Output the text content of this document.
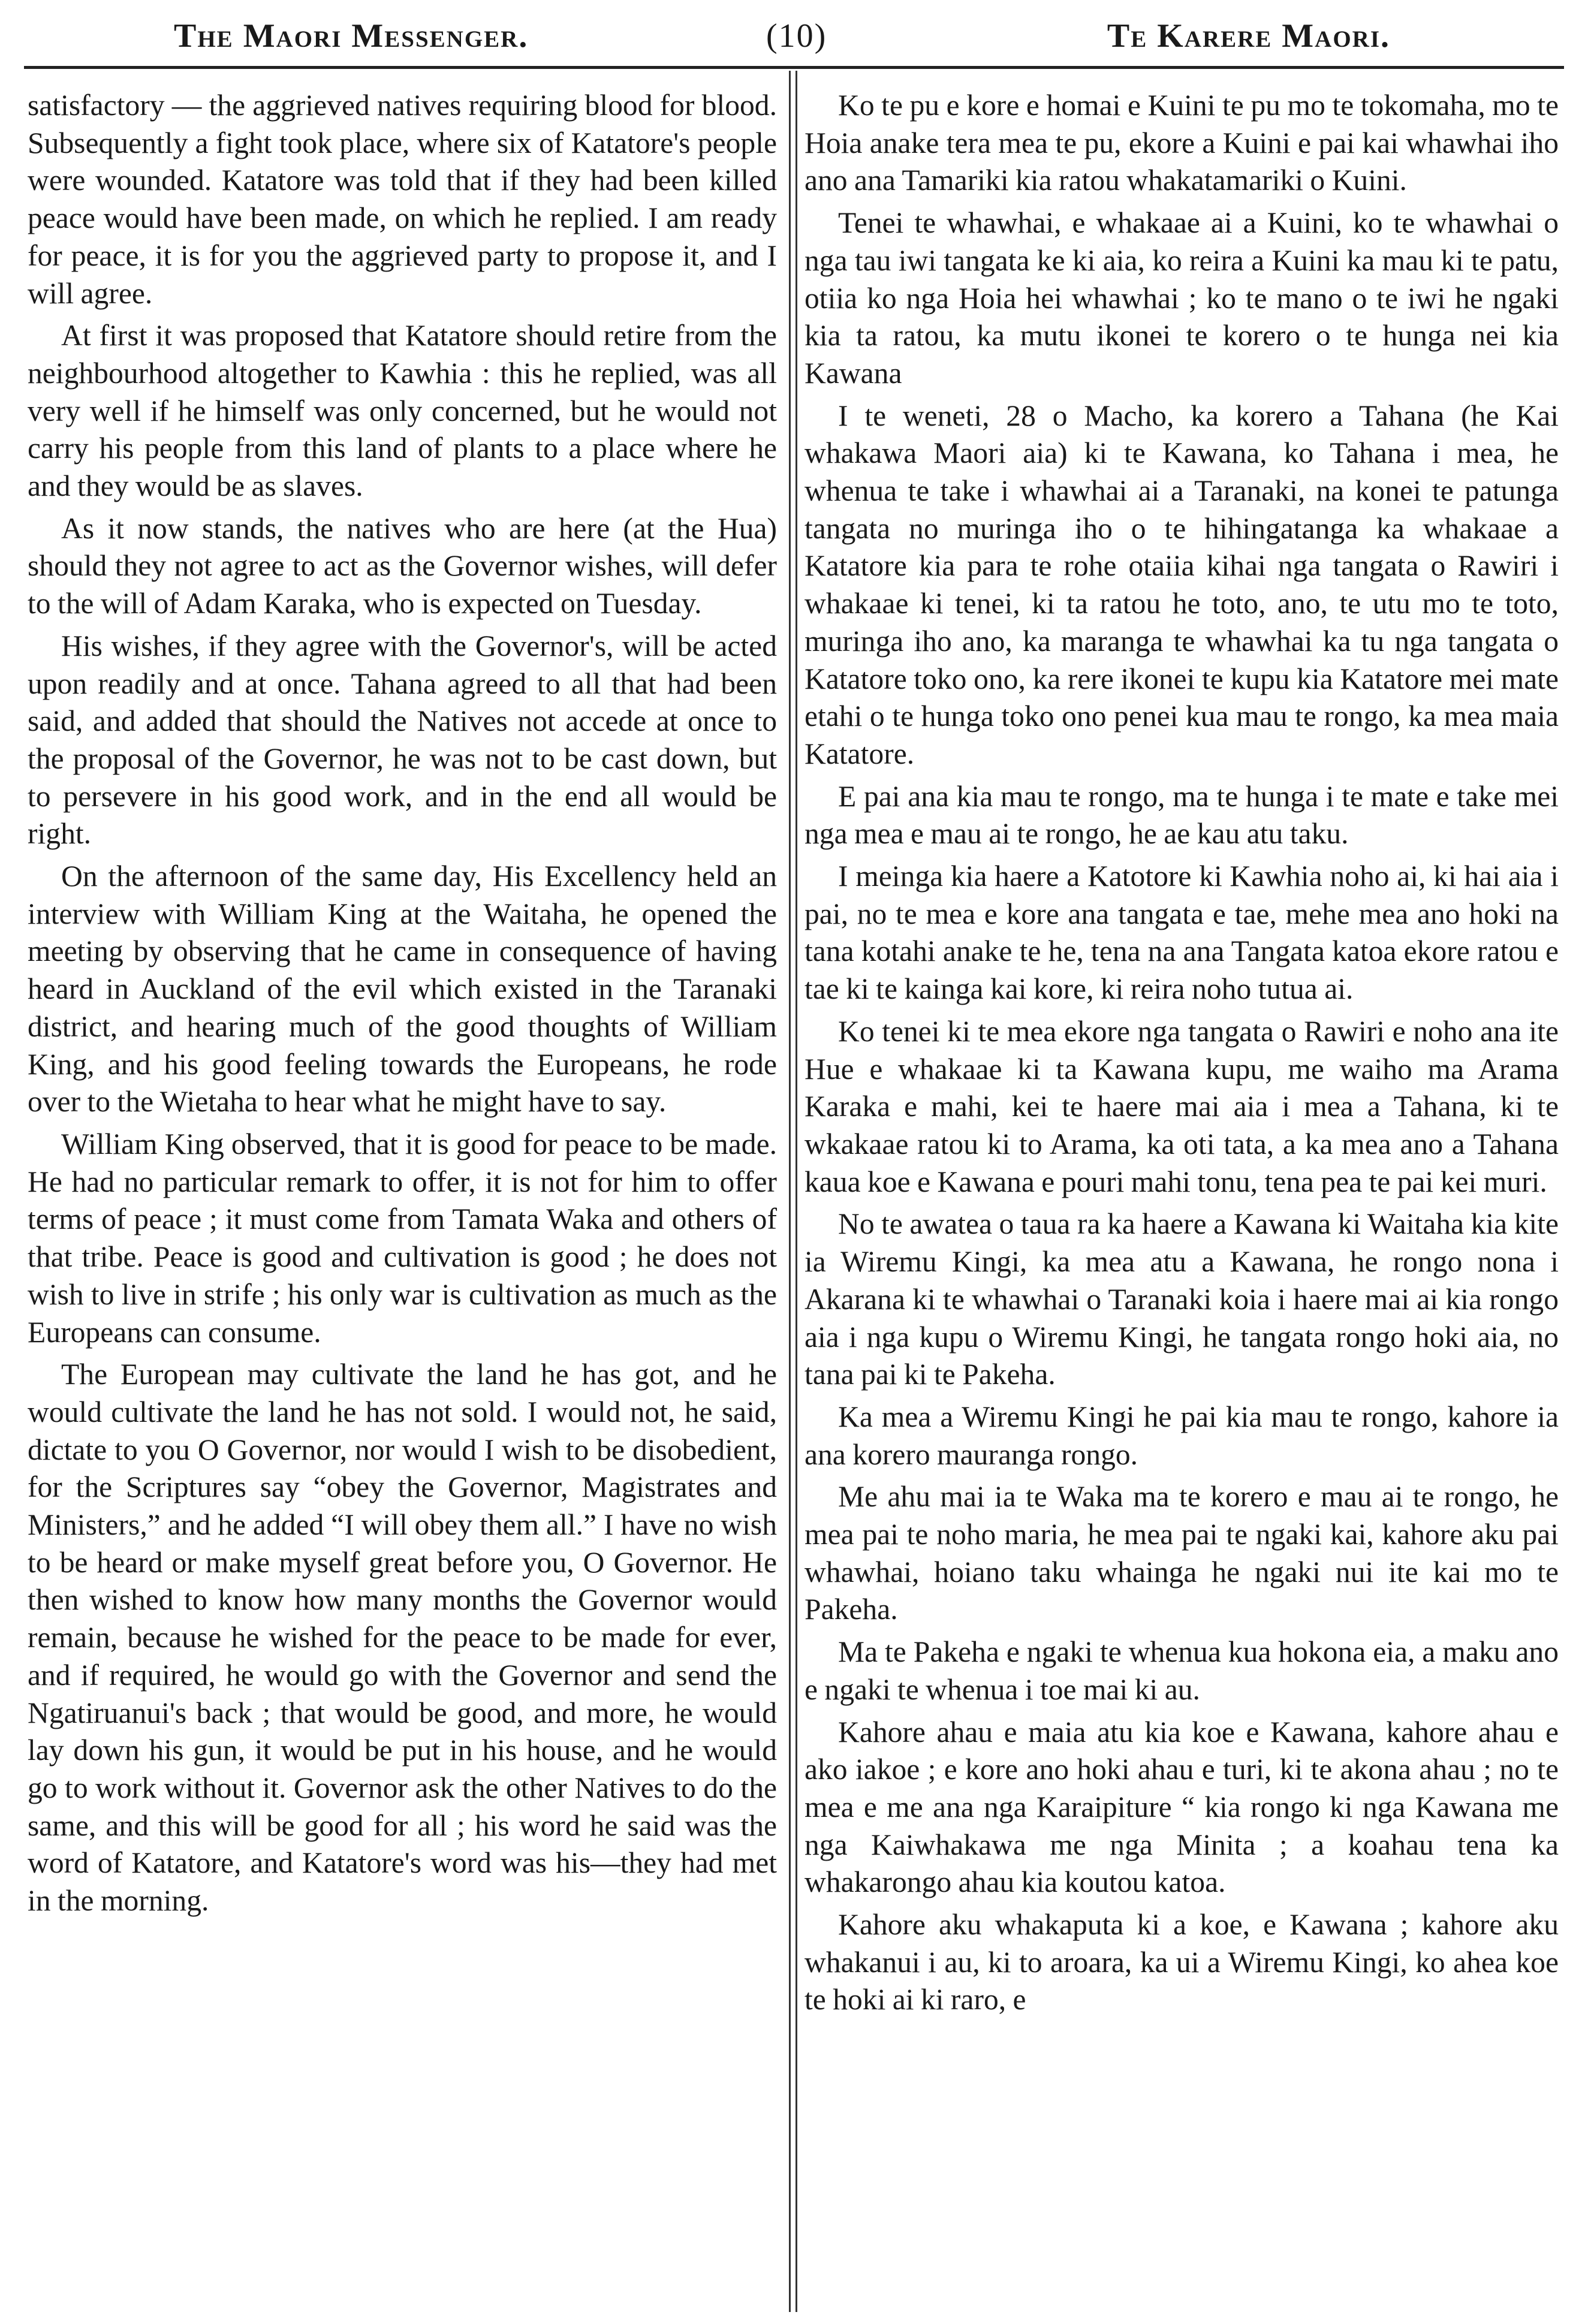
The Maori Messenger.	(10)	Te Karere Maori.

satisfactory — the aggrieved natives requiring blood for blood. Subsequently a fight took place, where six of Katatore's people were wounded. Katatore was told that if they had been killed peace would have been made, on which he replied. I am ready for peace, it is for you the aggrieved party to propose it, and I will agree.

At first it was proposed that Katatore should retire from the neighbourhood altogether to Kawhia : this he replied, was all very well if he himself was only concerned, but he would not carry his people from this land of plants to a place where he and they would be as slaves.

As it now stands, the natives who are here (at the Hua) should they not agree to act as the Governor wishes, will defer to the will of Adam Karaka, who is expected on Tuesday.

His wishes, if they agree with the Governor's, will be acted upon readily and at once. Tahana agreed to all that had been said, and added that should the Natives not accede at once to the proposal of the Governor, he was not to be cast down, but to persevere in his good work, and in the end all would be right.

On the afternoon of the same day, His Excellency held an interview with William King at the Waitaha, he opened the meeting by observing that he came in consequence of having heard in Auckland of the evil which existed in the Taranaki district, and hearing much of the good thoughts of William King, and his good feeling towards the Europeans, he rode over to the Wietaha to hear what he might have to say.

William King observed, that it is good for peace to be made. He had no particular remark to offer, it is not for him to offer terms of peace ; it must come from Tamata Waka and others of that tribe. Peace is good and cultivation is good ; he does not wish to live in strife ; his only war is cultivation as much as the Europeans can consume.

The European may cultivate the land he has got, and he would cultivate the land he has not sold. I would not, he said, dictate to you O Governor, nor would I wish to be disobedient, for the Scriptures say “obey the Governor, Magistrates and Ministers,” and he added “I will obey them all.” I have no wish to be heard or make myself great before you, O Governor. He then wished to know how many months the Governor would remain, because he wished for the peace to be made for ever, and if required, he would go with the Governor and send the Ngatiruanui's back ; that would be good, and more, he would lay down his gun, it would be put in his house, and he would go to work without it. Governor ask the other Natives to do the same, and this will be good for all ; his word he said was the word of Katatore, and Katatore's word was his—they had met in the morning.

Ko te pu e kore e homai e Kuini te pu mo te tokomaha, mo te Hoia anake tera mea te pu, ekore a Kuini e pai kai whawhai iho ano ana Tamariki kia ratou whakatamariki o Kuini.

Tenei te whawhai, e whakaae ai a Kuini, ko te whawhai o nga tau iwi tangata ke ki aia, ko reira a Kuini ka mau ki te patu, otiia ko nga Hoia hei whawhai ; ko te mano o te iwi he ngaki kia ta ratou, ka mutu ikonei te korero o te hunga nei kia Kawana

I te weneti, 28 o Macho, ka korero a Tahana (he Kai whakawa Maori aia) ki te Kawana, ko Tahana i mea, he whenua te take i whawhai ai a Taranaki, na konei te patunga tangata no muringa iho o te hihingatanga ka whakaae a Katatore kia para te rohe otaiia kihai nga tangata o Rawiri i whakaae ki tenei, ki ta ratou he toto, ano, te utu mo te toto, muringa iho ano, ka maranga te whawhai ka tu nga tangata o Katatore toko ono, ka rere ikonei te kupu kia Katatore mei mate etahi o te hunga toko ono penei kua mau te rongo, ka mea maia Katatore.

E pai ana kia mau te rongo, ma te hunga i te mate e take mei nga mea e mau ai te rongo, he ae kau atu taku.

I meinga kia haere a Katotore ki Kawhia noho ai, ki hai aia i pai, no te mea e kore ana tangata e tae, mehe mea ano hoki na tana kotahi anake te he, tena na ana Tangata katoa ekore ratou e tae ki te kainga kai kore, ki reira noho tutua ai.

Ko tenei ki te mea ekore nga tangata o Rawiri e noho ana ite Hue e whakaae ki ta Kawana kupu, me waiho ma Arama Karaka e mahi, kei te haere mai aia i mea a Tahana, ki te wkakaae ratou ki to Arama, ka oti tata, a ka mea ano a Tahana kaua koe e Kawana e pouri mahi tonu, tena pea te pai kei muri.

No te awatea o taua ra ka haere a Kawana ki Waitaha kia kite ia Wiremu Kingi, ka mea atu a Kawana, he rongo nona i Akarana ki te whawhai o Taranaki koia i haere mai ai kia rongo aia i nga kupu o Wiremu Kingi, he tangata rongo hoki aia, no tana pai ki te Pakeha.

Ka mea a Wiremu Kingi he pai kia mau te rongo, kahore ia ana korero mauranga rongo.

Me ahu mai ia te Waka ma te korero e mau ai te rongo, he mea pai te noho maria, he mea pai te ngaki kai, kahore aku pai whawhai, hoiano taku whainga he ngaki nui ite kai mo te Pakeha.

Ma te Pakeha e ngaki te whenua kua hokona eia, a maku ano e ngaki te whenua i toe mai ki au.

Kahore ahau e maia atu kia koe e Kawana, kahore ahau e ako iakoe ; e kore ano hoki ahau e turi, ki te akona ahau ; no te mea e me ana nga Karaipiture “ kia rongo ki nga Kawana me nga Kaiwhakawa me nga Minita ; a koahau tena ka whakarongo ahau kia koutou katoa.

Kahore aku whakaputa ki a koe, e Kawana ; kahore aku whakanui i au, ki to aroara, ka ui a Wiremu Kingi, ko ahea koe te hoki ai ki raro, e
